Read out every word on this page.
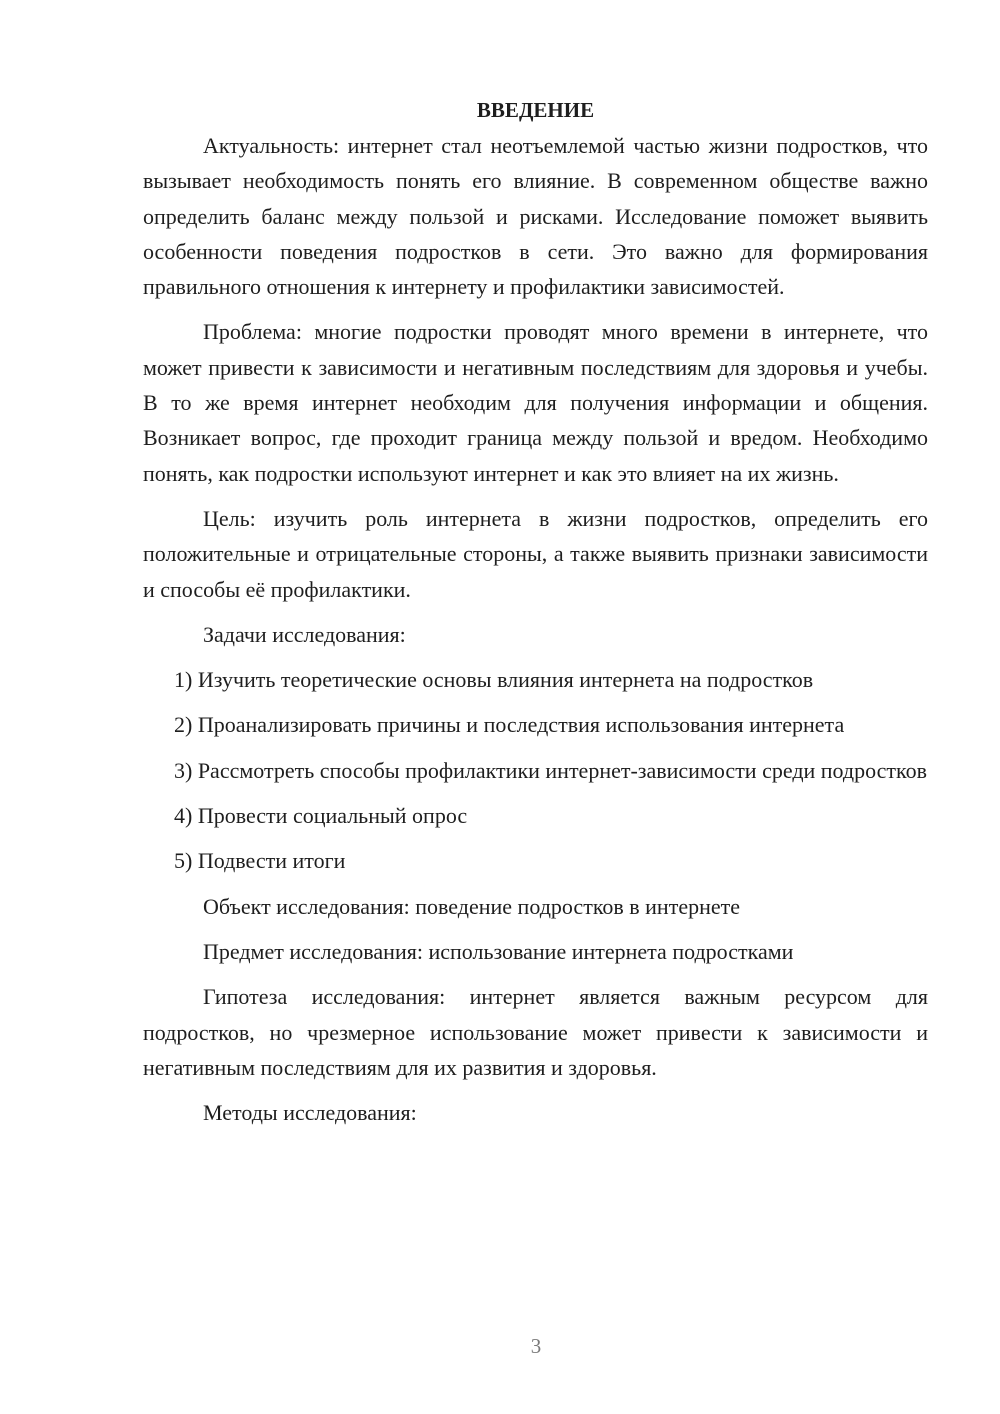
ВВЕДЕНИЕ

Актуальность: интернет стал неотъемлемой частью жизни подростков, что вызывает необходимость понять его влияние. В современном обществе важно определить баланс между пользой и рисками. Исследование поможет выявить особенности поведения подростков в сети. Это важно для формирования правильного отношения к интернету и профилактики зависимостей.

Проблема: многие подростки проводят много времени в интернете, что может привести к зависимости и негативным последствиям для здоровья и учебы. В то же время интернет необходим для получения информации и общения. Возникает вопрос, где проходит граница между пользой и вредом. Необходимо понять, как подростки используют интернет и как это влияет на их жизнь.

Цель: изучить роль интернета в жизни подростков, определить его положительные и отрицательные стороны, а также выявить признаки зависимости и способы её профилактики.

Задачи исследования:

1) Изучить теоретические основы влияния интернета на подростков

2) Проанализировать причины и последствия использования интернета

3) Рассмотреть способы профилактики интернет-зависимости среди подростков

4) Провести социальный опрос

5) Подвести итоги

Объект исследования: поведение подростков в интернете

Предмет исследования: использование интернета подростками

Гипотеза исследования: интернет является важным ресурсом для подростков, но чрезмерное использование может привести к зависимости и негативным последствиям для их развития и здоровья.

Методы исследования:

3
